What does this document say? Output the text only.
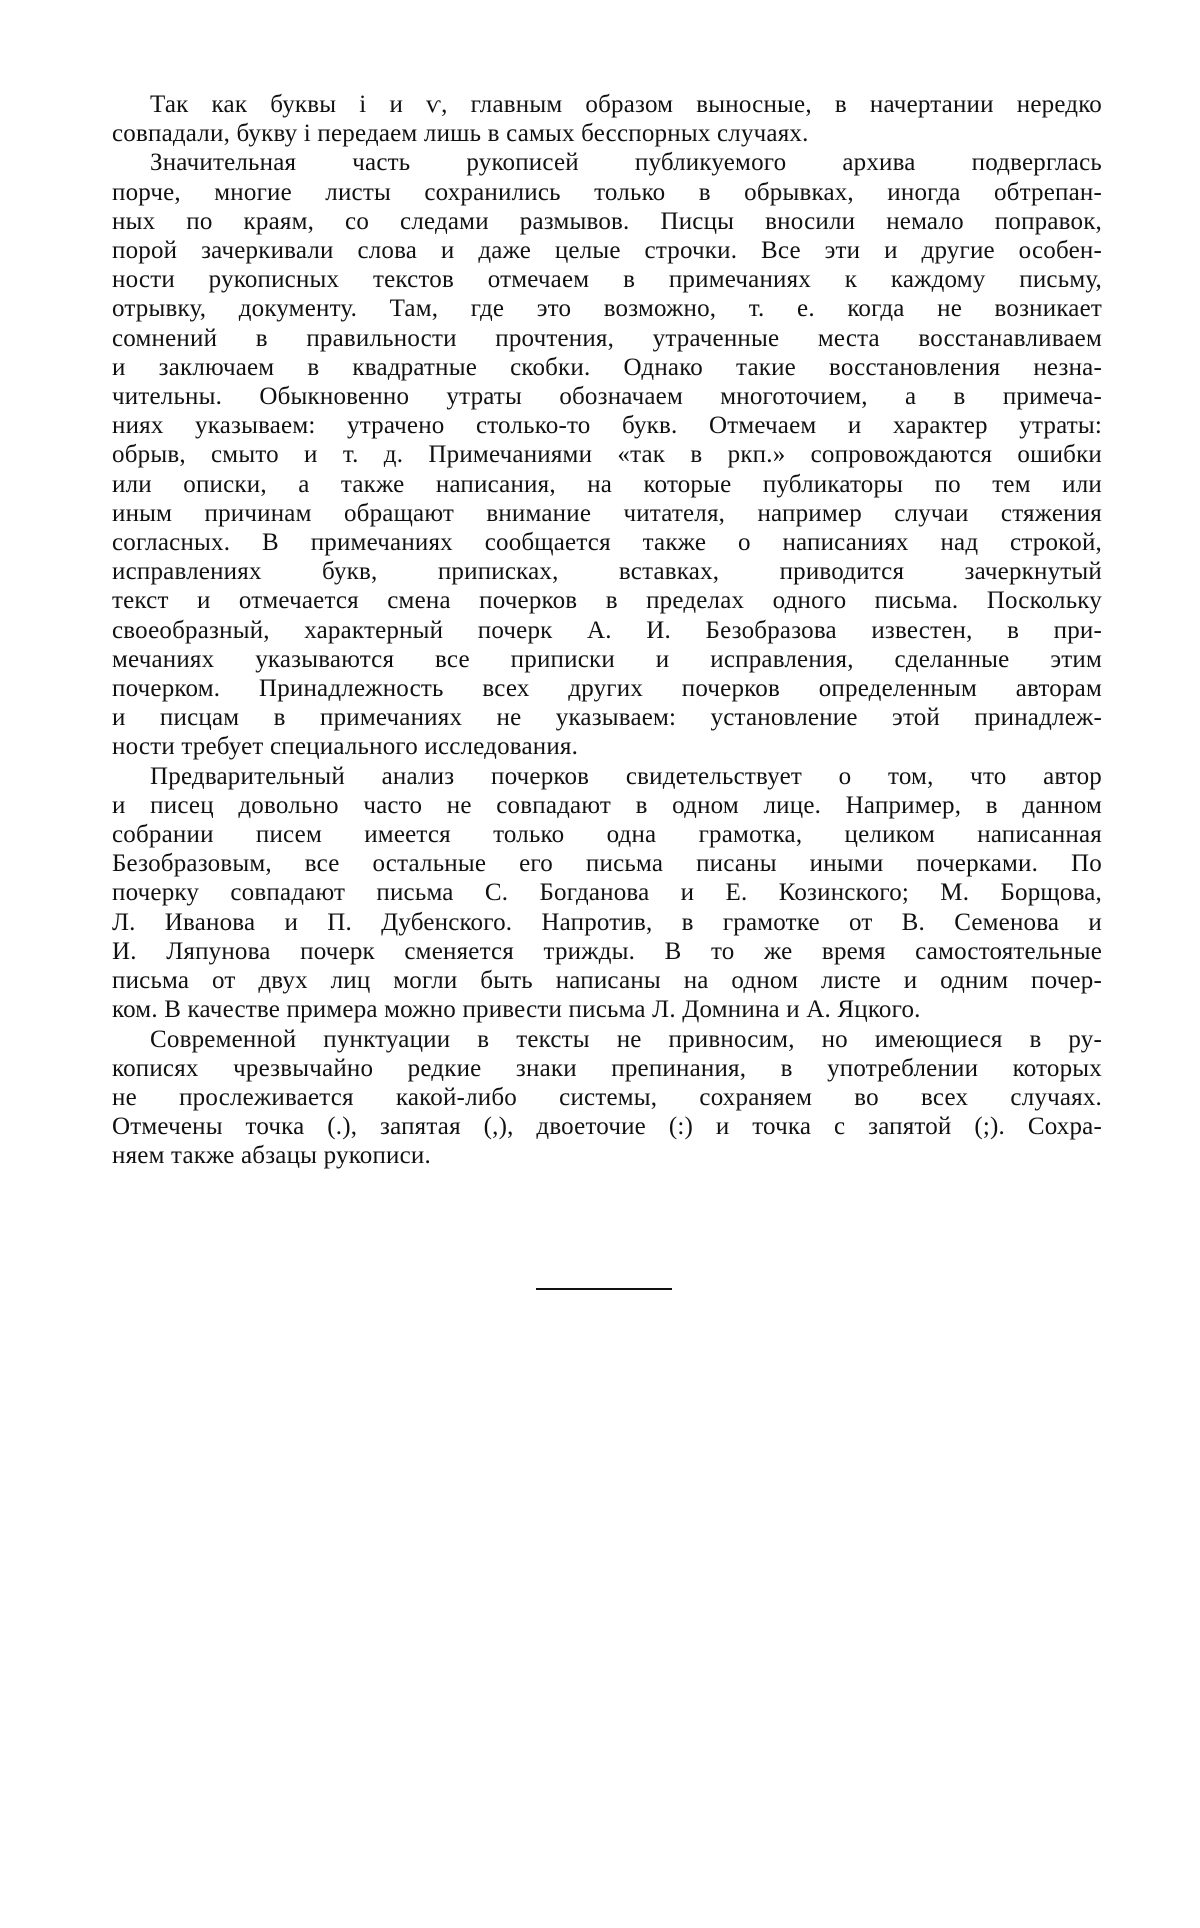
Так как буквы і и ѵ, главным образом выносные, в начертании нередко
совпадали, букву і передаем лишь в самых бесспорных случаях.

Значительная часть рукописей публикуемого архива подверглась
порче, многие листы сохранились только в обрывках, иногда обтрепан-
ных по краям, со следами размывов. Писцы вносили немало поправок,
порой зачеркивали слова и даже целые строчки. Все эти и другие особен-
ности рукописных текстов отмечаем в примечаниях к каждому письму,
отрывку, документу. Там, где это возможно, т. е. когда не возникает
сомнений в правильности прочтения, утраченные места восстанавливаем
и заключаем в квадратные скобки. Однако такие восстановления незна-
чительны. Обыкновенно утраты обозначаем многоточием, а в примеча-
ниях указываем: утрачено столько-то букв. Отмечаем и характер утраты:
обрыв, смыто и т. д. Примечаниями «так в ркп.» сопровождаются ошибки
или описки, а также написания, на которые публикаторы по тем или
иным причинам обращают внимание читателя, например случаи стяжения
согласных. В примечаниях сообщается также о написаниях над строкой,
исправлениях букв, приписках, вставках, приводится зачеркнутый
текст и отмечается смена почерков в пределах одного письма. Поскольку
своеобразный, характерный почерк А. И. Безобразова известен, в при-
мечаниях указываются все приписки и исправления, сделанные этим
почерком. Принадлежность всех других почерков определенным авторам
и писцам в примечаниях не указываем: установление этой принадлеж-
ности требует специального исследования.

Предварительный анализ почерков свидетельствует о том, что автор
и писец довольно часто не совпадают в одном лице. Например, в данном
собрании писем имеется только одна грамотка, целиком написанная
Безобразовым, все остальные его письма писаны иными почерками. По
почерку совпадают письма С. Богданова и Е. Козинского; М. Борщова,
Л. Иванова и П. Дубенского. Напротив, в грамотке от В. Семенова и
И. Ляпунова почерк сменяется трижды. В то же время самостоятельные
письма от двух лиц могли быть написаны на одном листе и одним почер-
ком. В качестве примера можно привести письма Л. Домнина и А. Яцкого.

Современной пунктуации в тексты не привносим, но имеющиеся в ру-
кописях чрезвычайно редкие знаки препинания, в употреблении которых
не прослеживается какой-либо системы, сохраняем во всех случаях.
Отмечены точка (.), запятая (,), двоеточие (:) и точка с запятой (;). Сохра-
няем также абзацы рукописи.
